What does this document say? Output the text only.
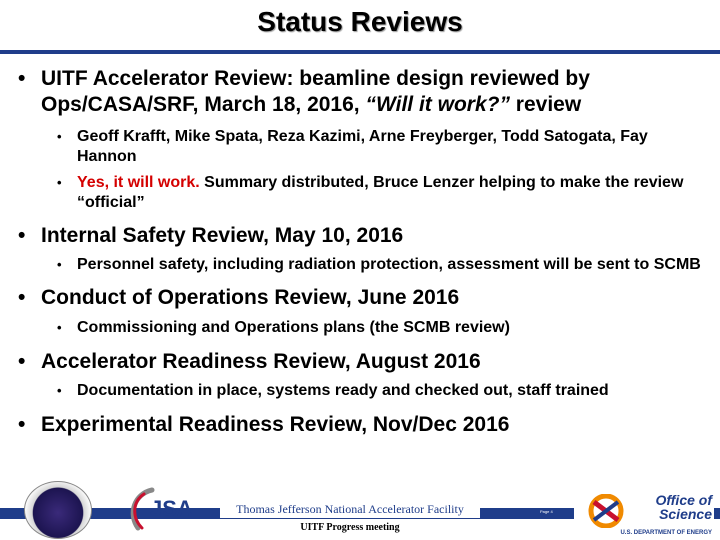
Status Reviews
• UITF Accelerator Review: beamline design reviewed by Ops/CASA/SRF, March 18, 2016, “Will it work?” review
• Geoff Krafft, Mike Spata, Reza Kazimi, Arne Freyberger, Todd Satogata, Fay Hannon
• Yes, it will work. Summary distributed, Bruce Lenzer helping to make the review “official”
• Internal Safety Review, May 10, 2016
• Personnel safety, including radiation protection, assessment will be sent to SCMB
• Conduct of Operations Review, June 2016
• Commissioning and Operations plans (the SCMB review)
• Accelerator Readiness Review, August 2016
• Documentation in place, systems ready and checked out, staff trained
• Experimental Readiness Review, Nov/Dec 2016
JSA	Thomas Jefferson National Accelerator Facility
UITF Progress meeting
Page 4
Office of
Science
U.S. DEPARTMENT OF ENERGY
